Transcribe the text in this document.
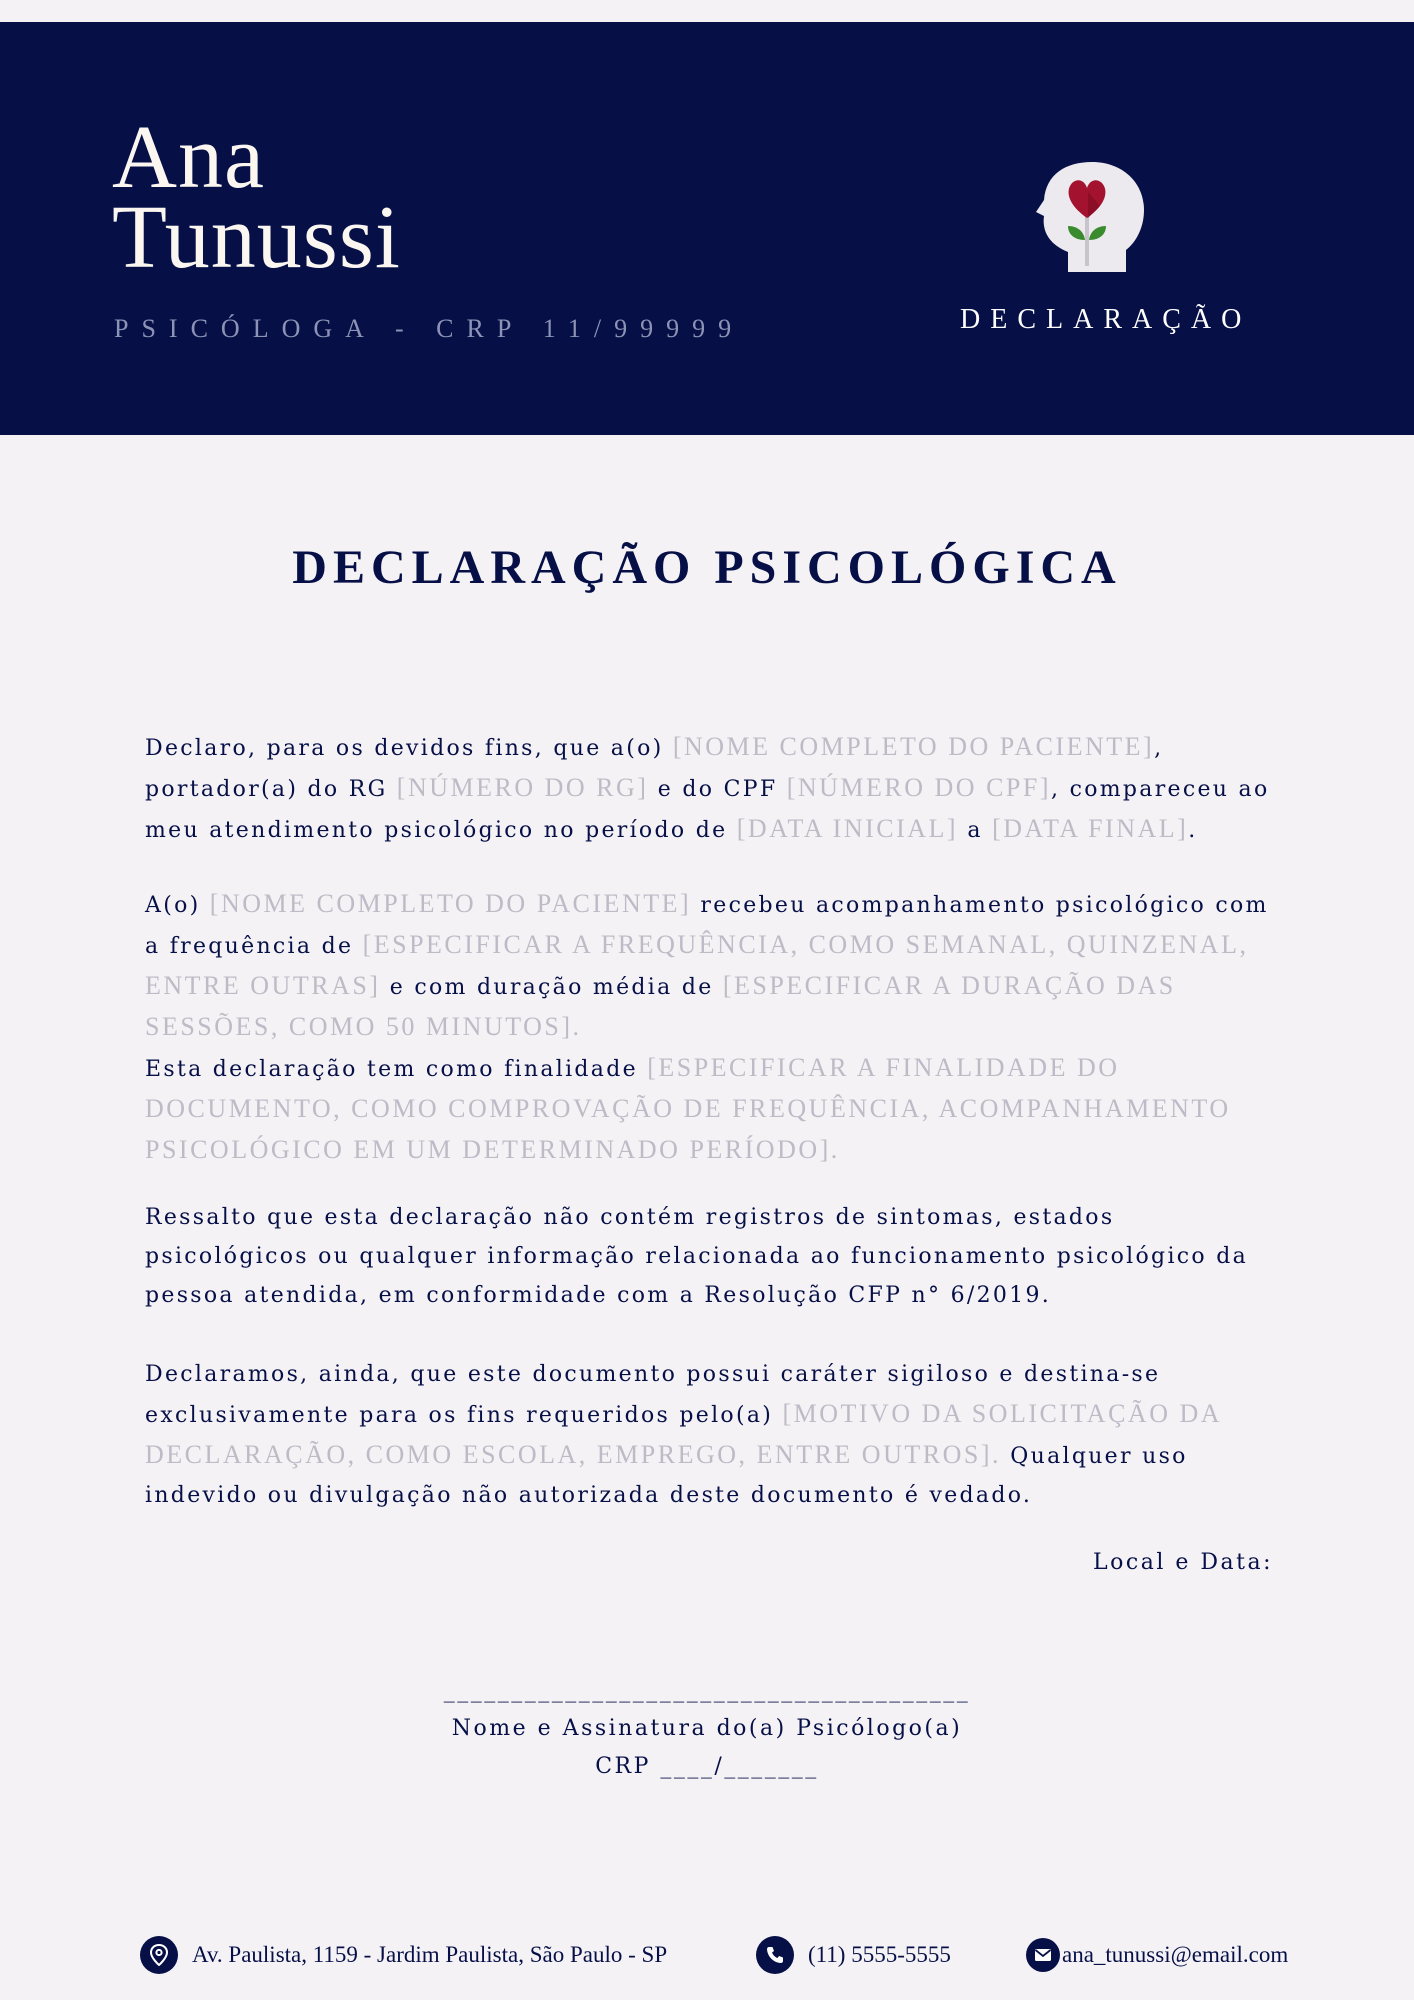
Ana
Tunussi
PSICÓLOGA - CRP 11/99999	DECLARAÇÃO
DECLARAÇÃO PSICOLÓGICA
Declaro, para os devidos fins, que a(o) [NOME COMPLETO DO PACIENTE], portador(a) do RG [NÚMERO DO RG] e do CPF [NÚMERO DO CPF], compareceu ao meu atendimento psicológico no período de [DATA INICIAL] a [DATA FINAL].
A(o) [NOME COMPLETO DO PACIENTE] recebeu acompanhamento psicológico com a frequência de [ESPECIFICAR A FREQUÊNCIA, COMO SEMANAL, QUINZENAL, ENTRE OUTRAS] e com duração média de [ESPECIFICAR A DURAÇÃO DAS SESSÕES, COMO 50 MINUTOS].
Esta declaração tem como finalidade [ESPECIFICAR A FINALIDADE DO DOCUMENTO, COMO COMPROVAÇÃO DE FREQUÊNCIA, ACOMPANHAMENTO PSICOLÓGICO EM UM DETERMINADO PERÍODO].
Ressalto que esta declaração não contém registros de sintomas, estados psicológicos ou qualquer informação relacionada ao funcionamento psicológico da pessoa atendida, em conformidade com a Resolução CFP n° 6/2019.
Declaramos, ainda, que este documento possui caráter sigiloso e destina-se exclusivamente para os fins requeridos pelo(a) [MOTIVO DA SOLICITAÇÃO DA DECLARAÇÃO, COMO ESCOLA, EMPREGO, ENTRE OUTROS]. Qualquer uso indevido ou divulgação não autorizada deste documento é vedado.
Local e Data:
_______________________________________
Nome e Assinatura do(a) Psicólogo(a)
CRP ____/_______
Av. Paulista, 1159 - Jardim Paulista, São Paulo - SP	(11) 5555-5555	ana_tunussi@email.com
